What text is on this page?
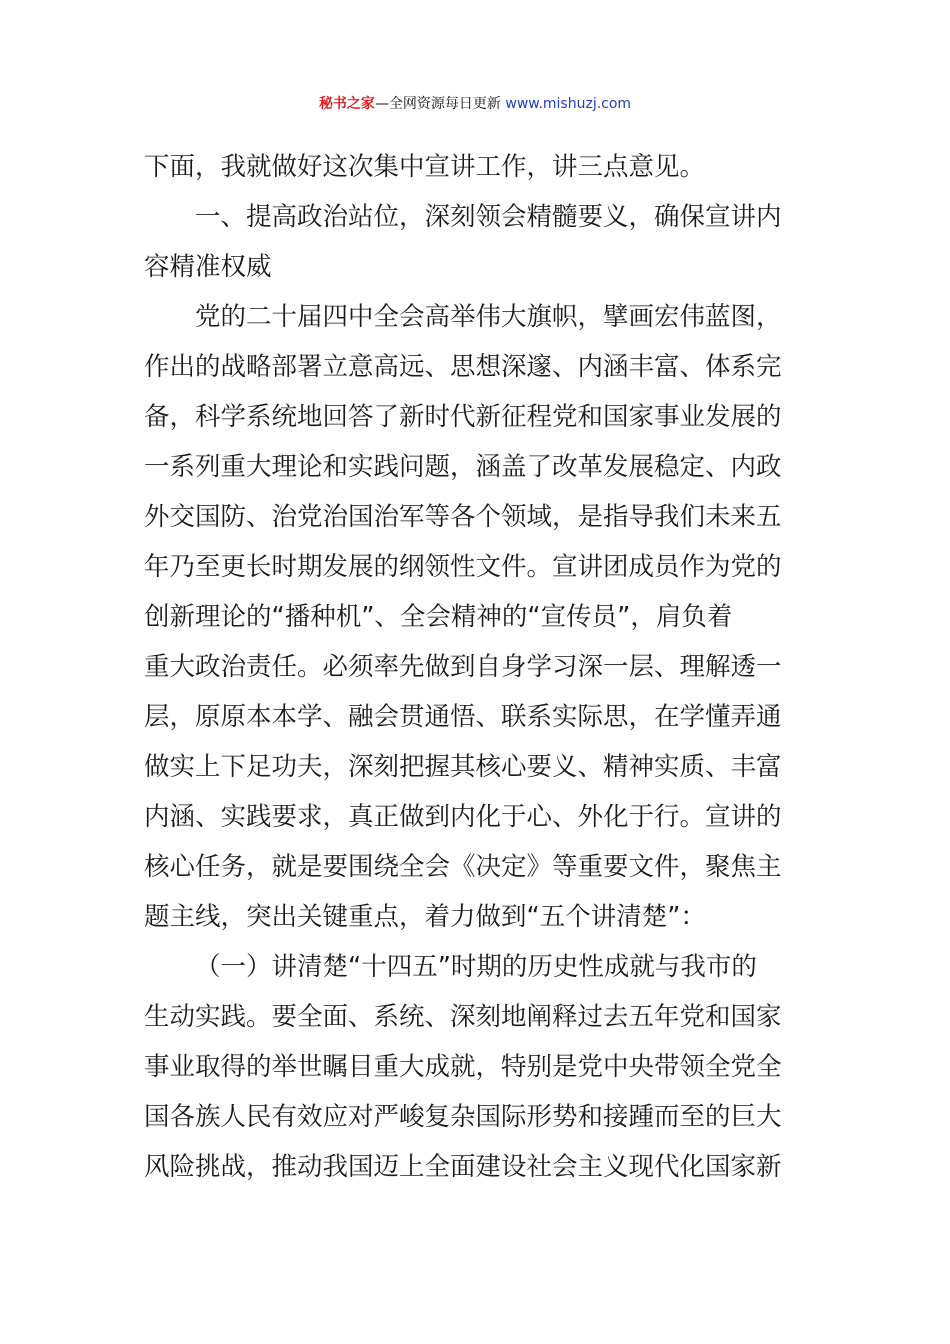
秘书之家—全网资源每日更新 www.mishuzj.com
下面，我就做好这次集中宣讲工作，讲三点意见。
一、提高政治站位，深刻领会精髓要义，确保宣讲内
容精准权威
党的二十届四中全会高举伟大旗帜，擘画宏伟蓝图，
作出的战略部署立意高远、思想深邃、内涵丰富、体系完
备，科学系统地回答了新时代新征程党和国家事业发展的
一系列重大理论和实践问题，涵盖了改革发展稳定、内政
外交国防、治党治国治军等各个领域，是指导我们未来五
年乃至更长时期发展的纲领性文件。宣讲团成员作为党的
创新理论的“播种机”、全会精神的“宣传员”，肩负着
重大政治责任。必须率先做到自身学习深一层、理解透一
层，原原本本学、融会贯通悟、联系实际思，在学懂弄通
做实上下足功夫，深刻把握其核心要义、精神实质、丰富
内涵、实践要求，真正做到内化于心、外化于行。宣讲的
核心任务，就是要围绕全会《决定》等重要文件，聚焦主
题主线，突出关键重点，着力做到“五个讲清楚”：
（一）讲清楚“十四五”时期的历史性成就与我市的
生动实践。要全面、系统、深刻地阐释过去五年党和国家
事业取得的举世瞩目重大成就，特别是党中央带领全党全
国各族人民有效应对严峻复杂国际形势和接踵而至的巨大
风险挑战，推动我国迈上全面建设社会主义现代化国家新
